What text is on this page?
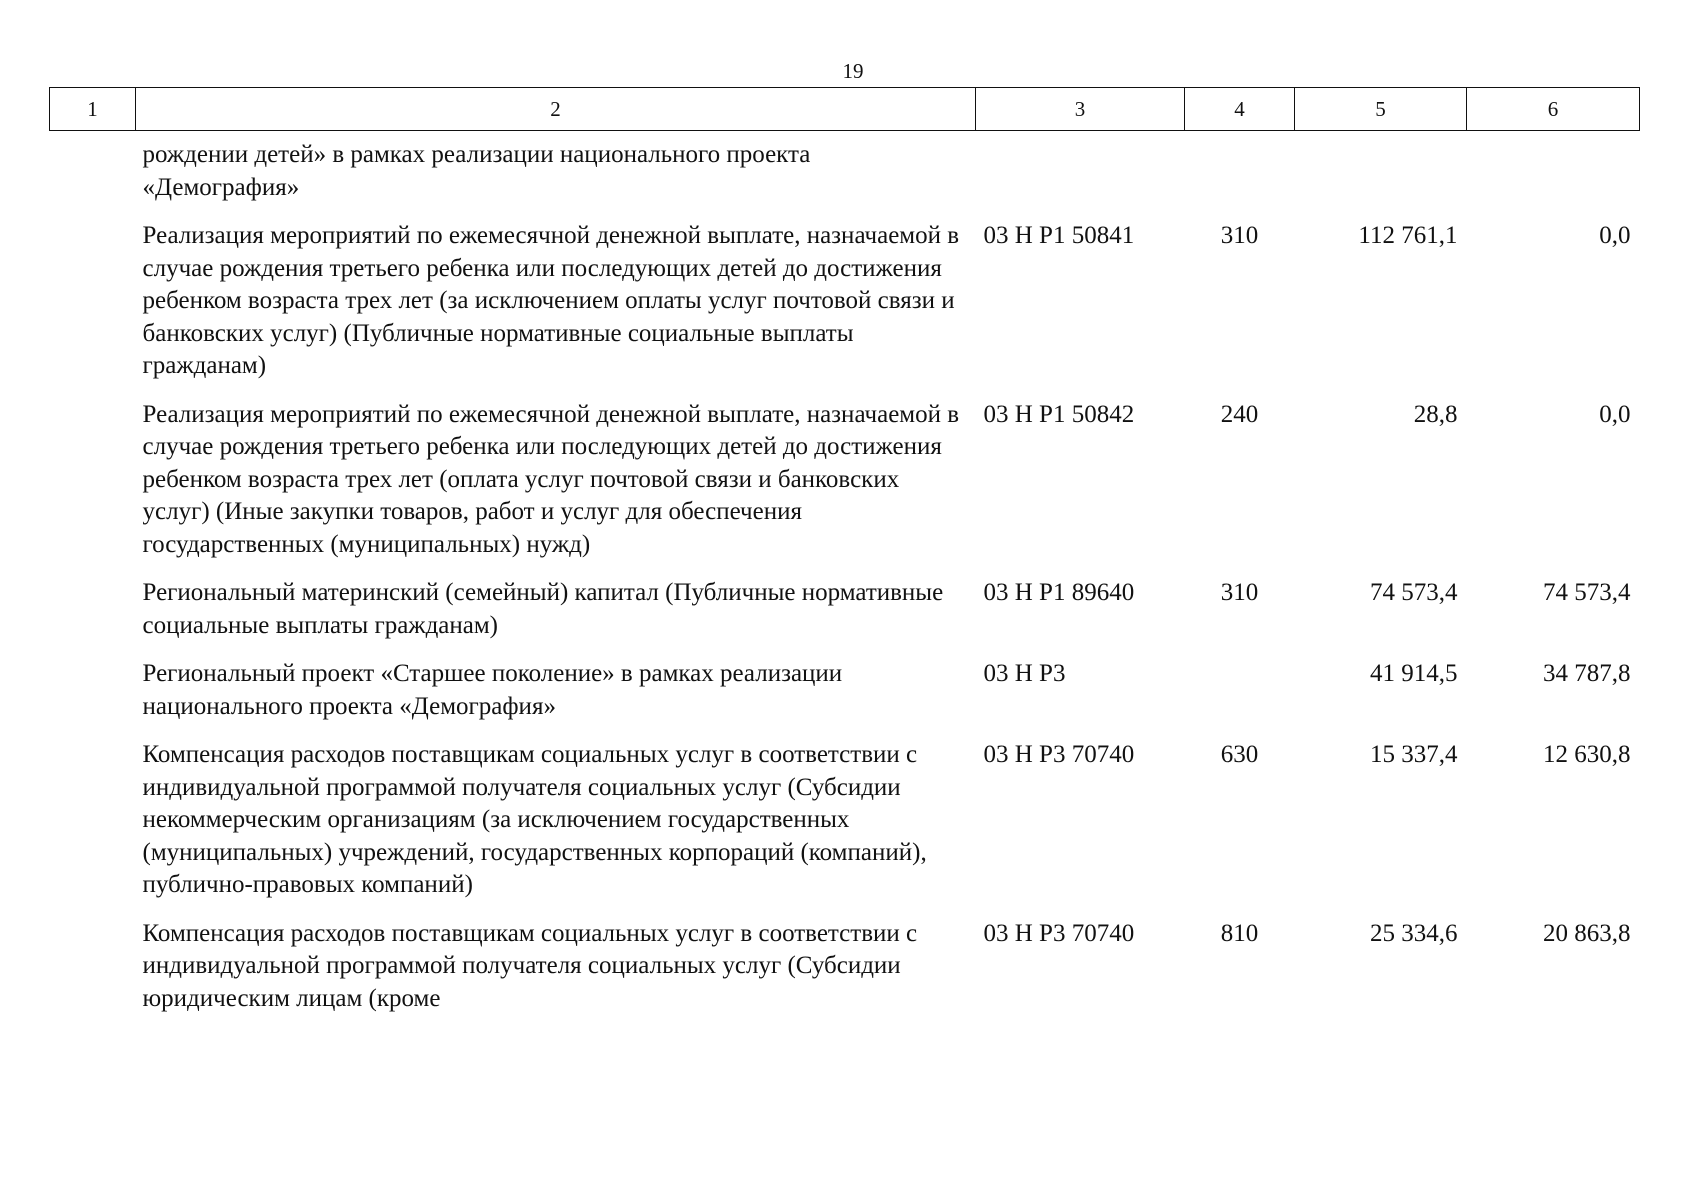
19
1	2	3	4	5	6
рождении детей» в рамках реализации национального проекта «Демография»					
Реализация мероприятий по ежемесячной денежной выплате, назначаемой в случае рождения третьего ребенка или последующих детей до достижения ребенком возраста трех лет (за исключением оплаты услуг почтовой связи и банковских услуг) (Публичные нормативные социальные выплаты гражданам)		03 Н Р1 50841	310	112 761,1	0,0
Реализация мероприятий по ежемесячной денежной выплате, назначаемой в случае рождения третьего ребенка или последующих детей до достижения ребенком возраста трех лет (оплата услуг почтовой связи и банковских услуг) (Иные закупки товаров, работ и услуг для обеспечения государственных (муниципальных) нужд)		03 Н Р1 50842	240	28,8	0,0
Региональный материнский (семейный) капитал (Публичные нормативные социальные выплаты гражданам)		03 Н Р1 89640	310	74 573,4	74 573,4
Региональный проект «Старшее поколение» в рамках реализации национального проекта «Демография»		03 Н Р3		41 914,5	34 787,8
Компенсация расходов поставщикам социальных услуг в соответствии с индивидуальной программой получателя социальных услуг (Субсидии некоммерческим организациям (за исключением государственных (муниципальных) учреждений, государственных корпораций (компаний), публично-правовых компаний)		03 Н Р3 70740	630	15 337,4	12 630,8
Компенсация расходов поставщикам социальных услуг в соответствии с индивидуальной программой получателя социальных услуг (Субсидии юридическим лицам (кроме		03 Н Р3 70740	810	25 334,6	20 863,8
